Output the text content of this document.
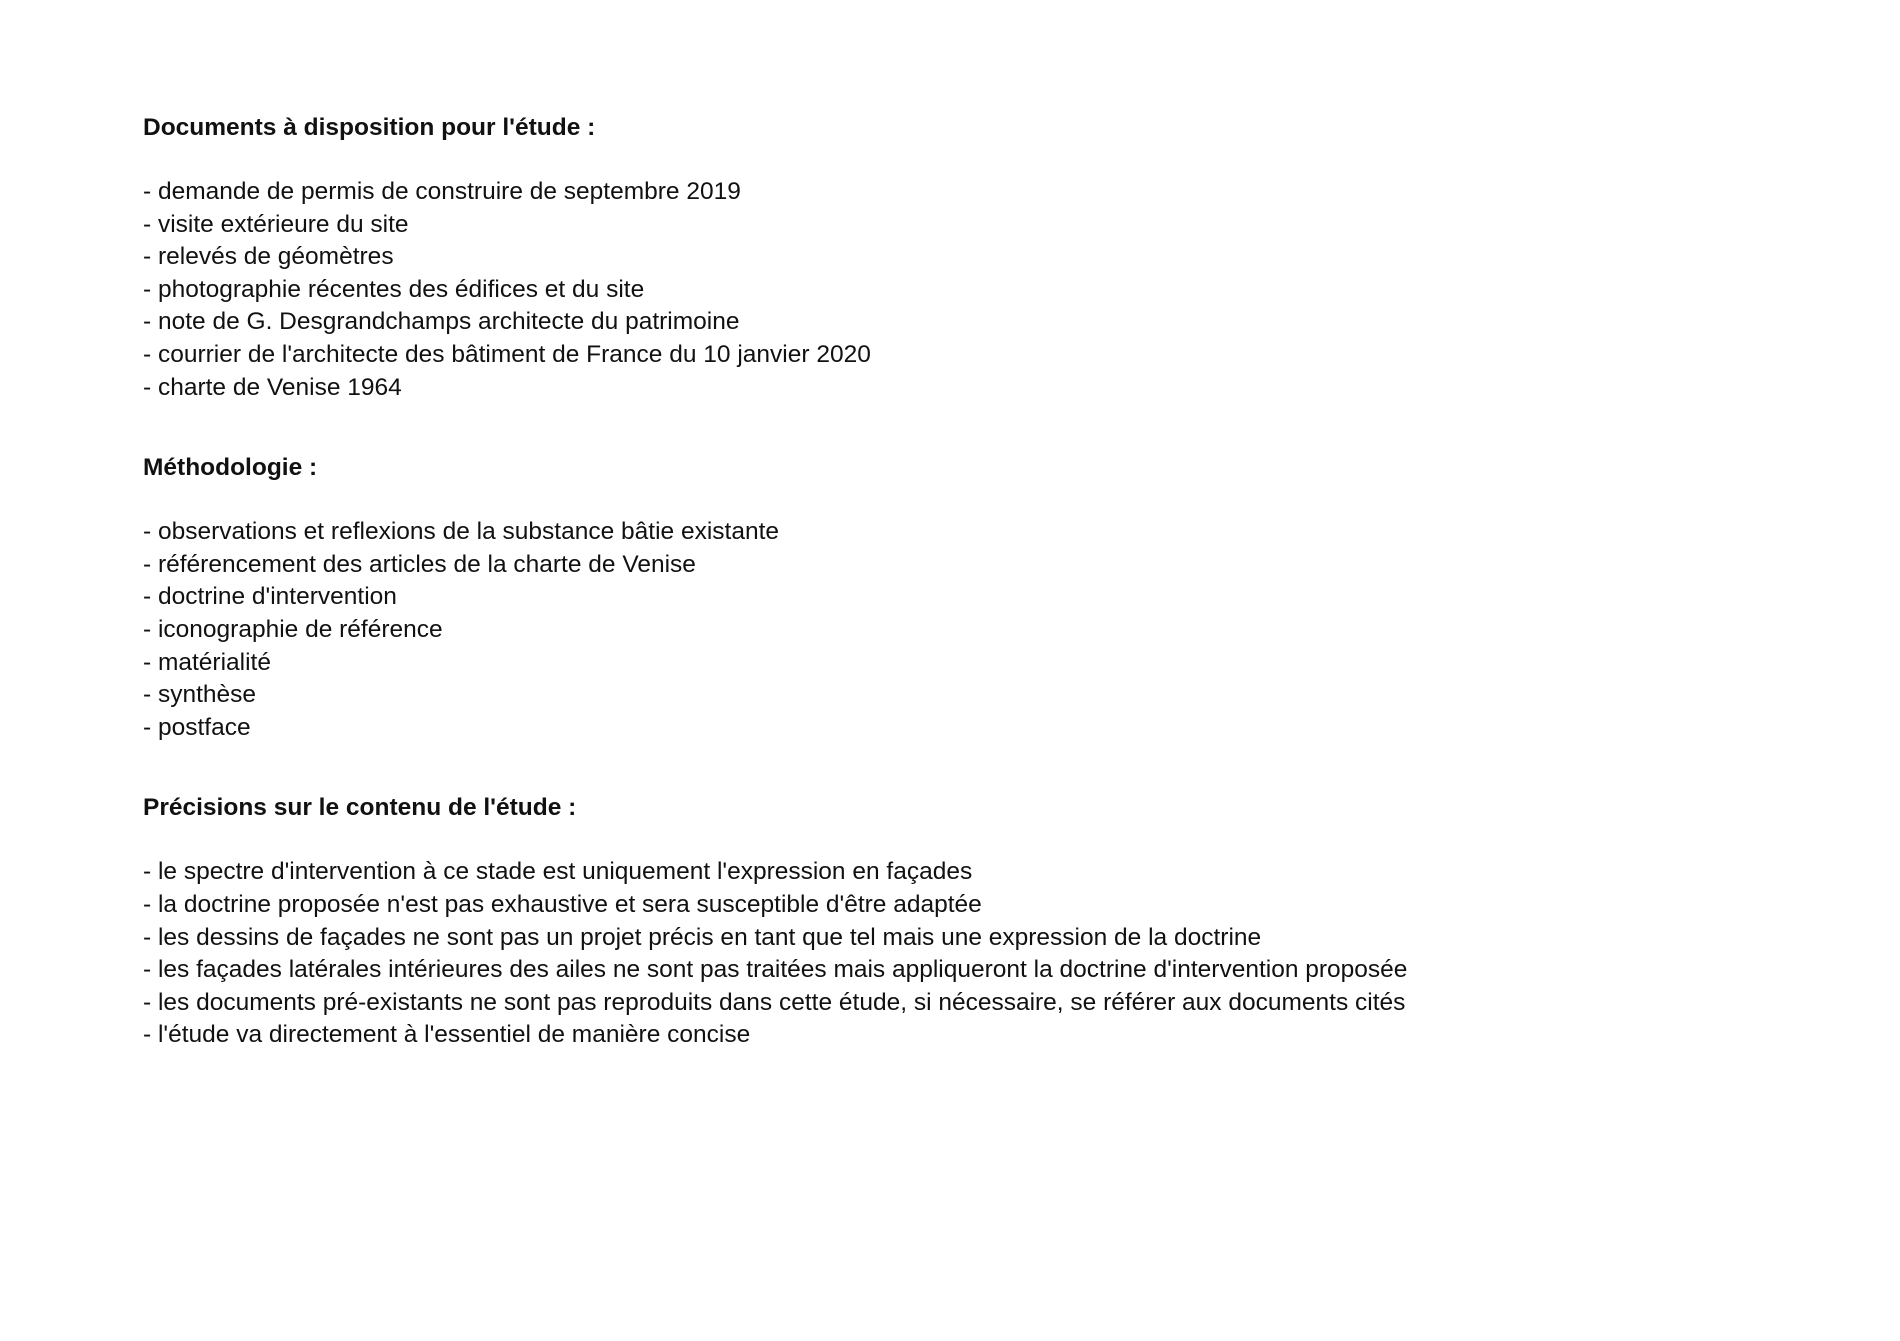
Documents à disposition pour l'étude :
- demande de permis de construire de septembre 2019
- visite extérieure du site
- relevés de géomètres
- photographie récentes des édifices et du site
- note de G. Desgrandchamps architecte du patrimoine
- courrier de l'architecte des bâtiment de France du 10 janvier 2020
- charte de Venise 1964
Méthodologie :
- observations et reflexions de la substance bâtie existante
- référencement des articles de la charte de Venise
- doctrine d'intervention
- iconographie de référence
- matérialité
- synthèse
- postface
Précisions sur le contenu de l'étude :
- le spectre d'intervention à ce stade est uniquement l'expression en façades
- la doctrine proposée n'est pas exhaustive et sera susceptible d'être adaptée
- les dessins de façades ne sont pas un projet précis en tant que tel mais une expression de la doctrine
- les façades latérales intérieures des ailes ne sont pas traitées mais appliqueront la doctrine d'intervention proposée
- les documents pré-existants ne sont pas reproduits dans cette étude, si nécessaire, se référer aux documents cités
- l'étude va directement à l'essentiel de manière concise
